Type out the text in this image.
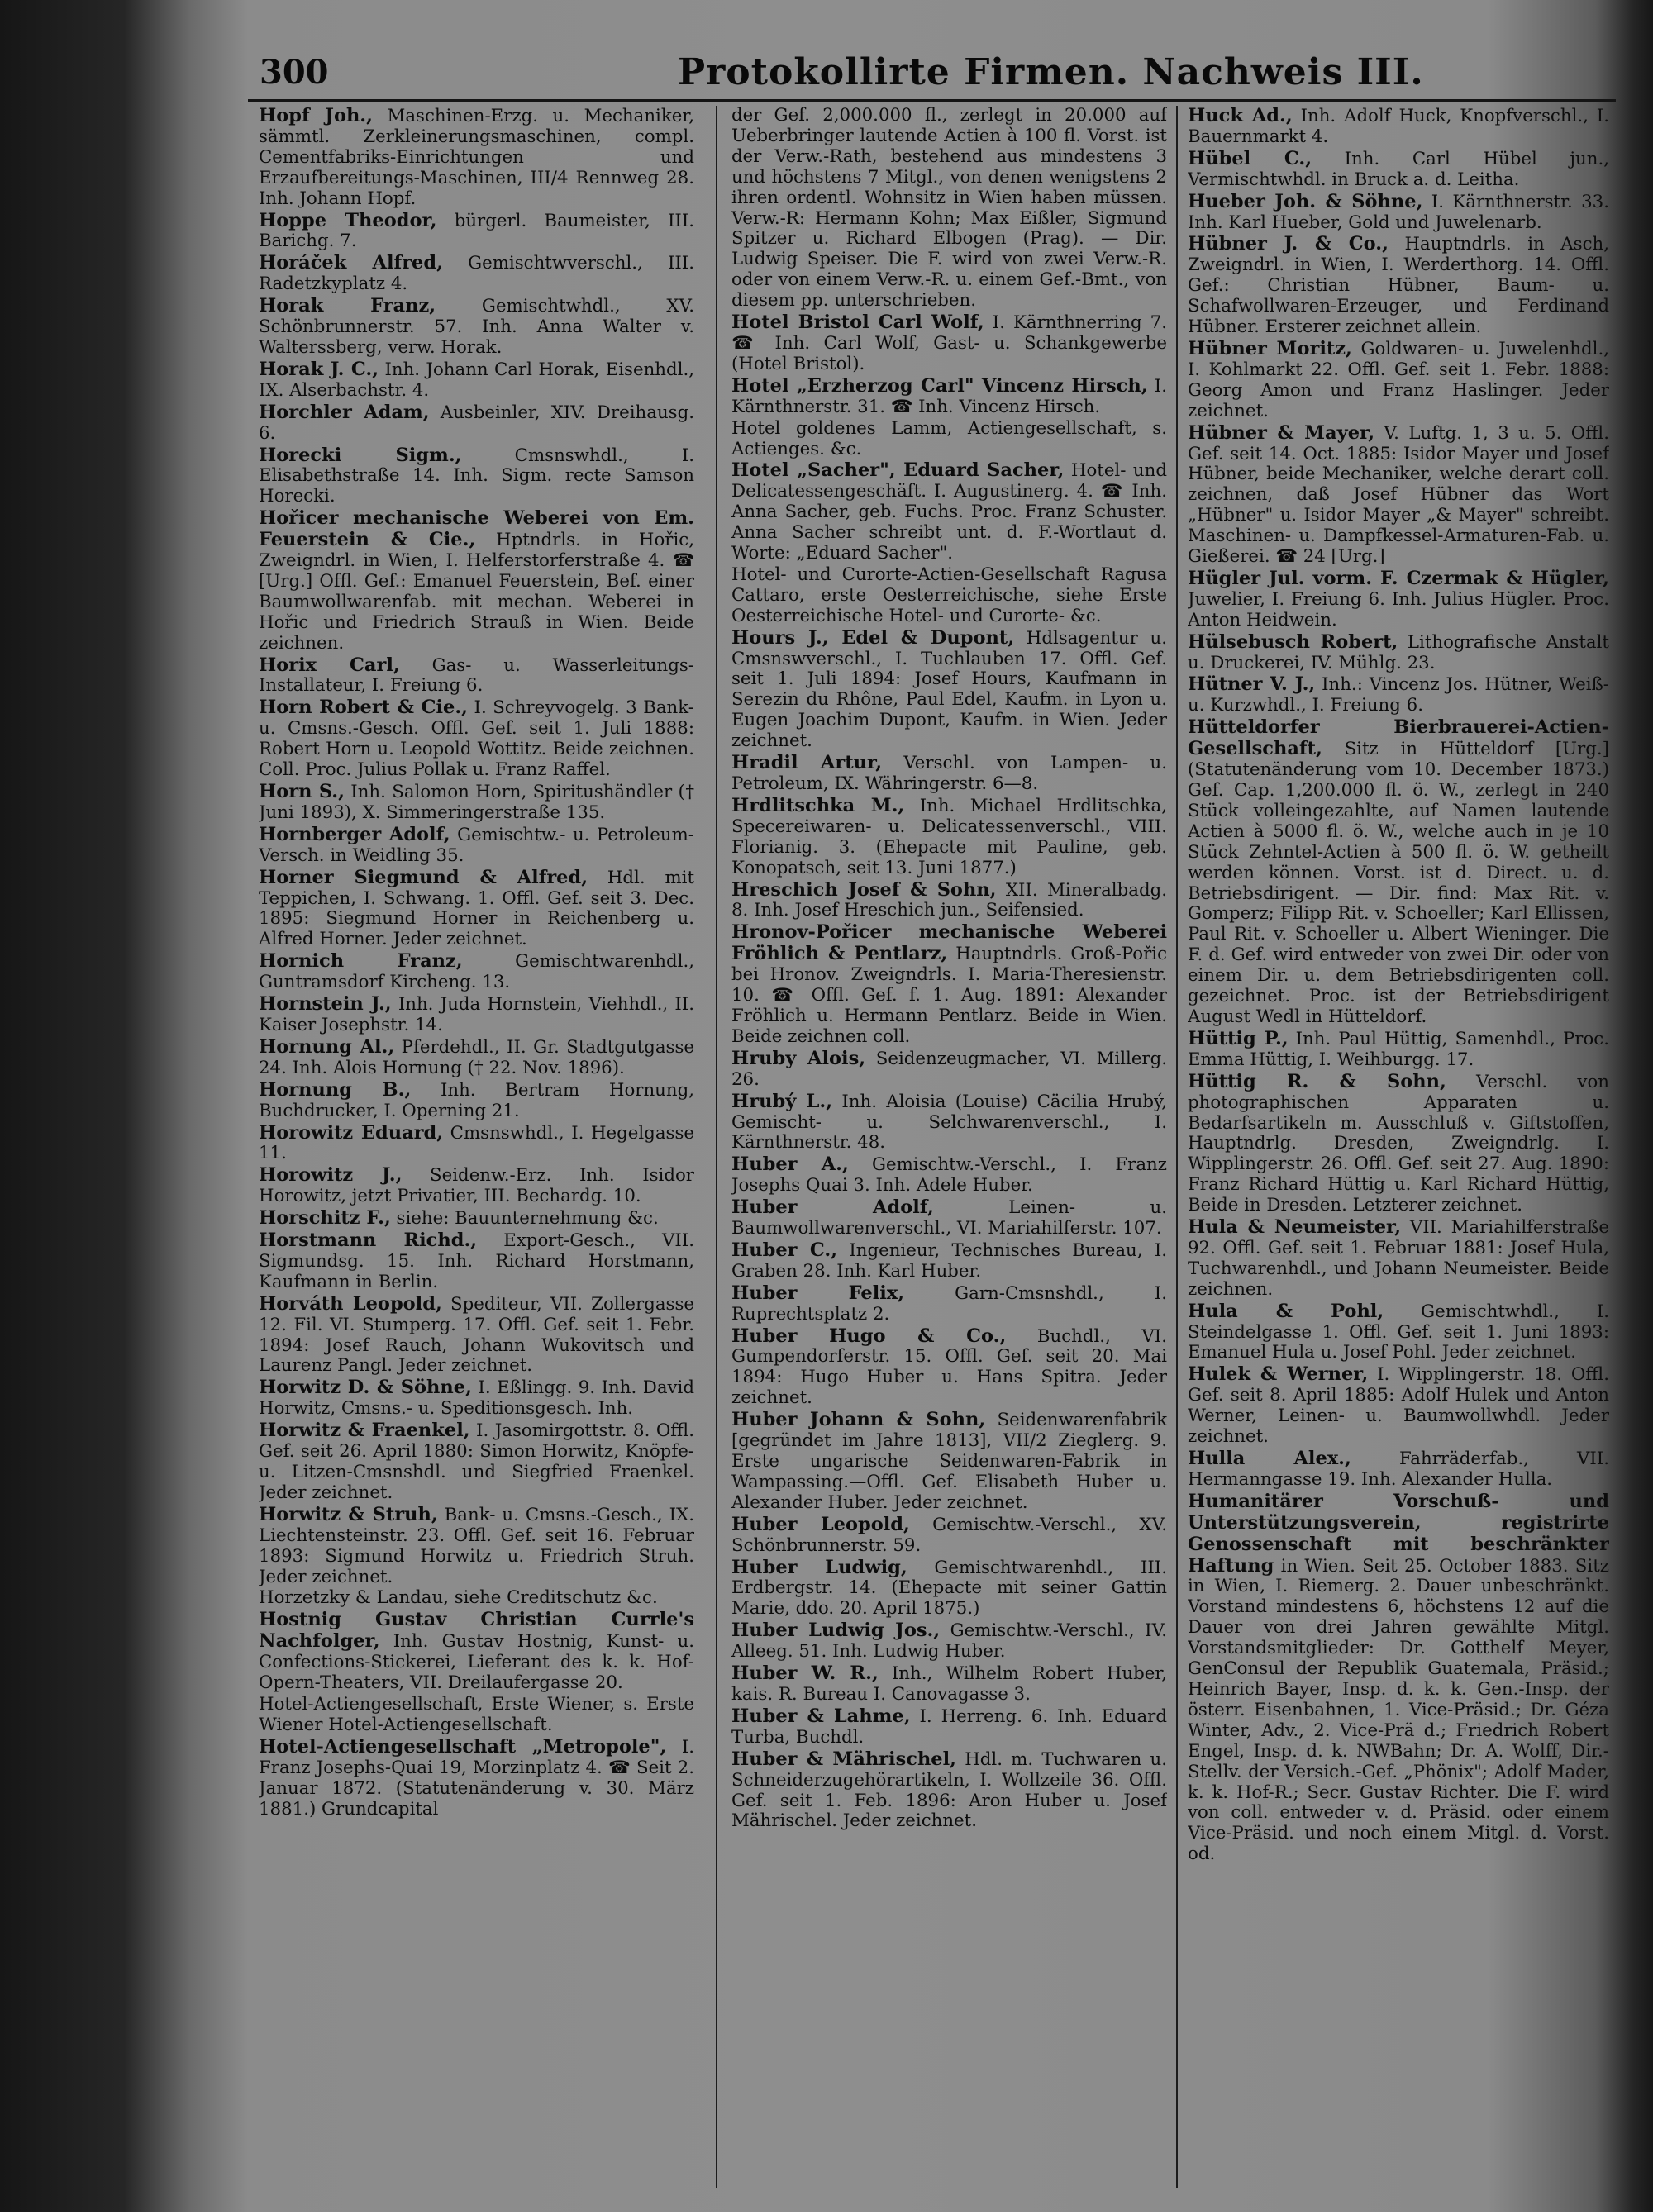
300	Protokollirte Firmen. Nachweis III.

Hopf Joh., Maschinen-Erzg. u. Mechaniker, sämmtl. Zerkleinerungsmaschinen, compl. Cementfabriks-Einrichtungen und Erzaufbereitungs-Maschinen, III/4 Rennweg 28. Inh. Johann Hopf.

Hoppe Theodor, bürgerl. Baumeister, III. Barichg. 7.

Horáček Alfred, Gemischtwverschl., III. Radetzkyplatz 4.

Horak Franz, Gemischtwhdl., XV. Schönbrunnerstr. 57. Inh. Anna Walter v. Walterssberg, verw. Horak.

Horak J. C., Inh. Johann Carl Horak, Eisenhdl., IX. Alserbachstr. 4.

Horchler Adam, Ausbeinler, XIV. Dreihausg. 6.

Horecki Sigm., Cmsnswhdl., I. Elisabethstraße 14. Inh. Sigm. recte Samson Horecki.

Hořicer mechanische Weberei von Em. Feuerstein & Cie., Hptndrls. in Hořic, Zweigndrl. in Wien, I. Helferstorferstraße 4. ☎ [Urg.] Offl. Gef.: Emanuel Feuerstein, Bef. einer Baumwollwarenfab. mit mechan. Weberei in Hořic und Friedrich Strauß in Wien. Beide zeichnen.

Horix Carl, Gas- u. Wasserleitungs-Installateur, I. Freiung 6.

Horn Robert & Cie., I. Schreyvogelg. 3 Bank- u. Cmsns.-Gesch. Offl. Gef. seit 1. Juli 1888: Robert Horn u. Leopold Wottitz. Beide zeichnen. Coll. Proc. Julius Pollak u. Franz Raffel.

Horn S., Inh. Salomon Horn, Spiritushändler († Juni 1893), X. Simmeringerstraße 135.

Hornberger Adolf, Gemischtw.- u. Petroleum-Versch. in Weidling 35.

Horner Siegmund & Alfred, Hdl. mit Teppichen, I. Schwang. 1. Offl. Gef. seit 3. Dec. 1895: Siegmund Horner in Reichenberg u. Alfred Horner. Jeder zeichnet.

Hornich Franz, Gemischtwarenhdl., Guntramsdorf Kircheng. 13.

Hornstein J., Inh. Juda Hornstein, Viehhdl., II. Kaiser Josephstr. 14.

Hornung Al., Pferdehdl., II. Gr. Stadtgutgasse 24. Inh. Alois Hornung († 22. Nov. 1896).

Hornung B., Inh. Bertram Hornung, Buchdrucker, I. Operning 21.

Horowitz Eduard, Cmsnswhdl., I. Hegelgasse 11.

Horowitz J., Seidenw.-Erz. Inh. Isidor Horowitz, jetzt Privatier, III. Bechardg. 10.

Horschitz F., siehe: Bauunternehmung &c.

Horstmann Richd., Export-Gesch., VII. Sigmundsg. 15. Inh. Richard Horstmann, Kaufmann in Berlin.

Horváth Leopold, Spediteur, VII. Zollergasse 12. Fil. VI. Stumperg. 17. Offl. Gef. seit 1. Febr. 1894: Josef Rauch, Johann Wukovitsch und Laurenz Pangl. Jeder zeichnet.

Horwitz D. & Söhne, I. Eßlingg. 9. Inh. David Horwitz, Cmsns.- u. Speditionsgesch. Inh.

Horwitz & Fraenkel, I. Jasomirgottstr. 8. Offl. Gef. seit 26. April 1880: Simon Horwitz, Knöpfe- u. Litzen-Cmsnshdl. und Siegfried Fraenkel. Jeder zeichnet.

Horwitz & Struh, Bank- u. Cmsns.-Gesch., IX. Liechtensteinstr. 23. Offl. Gef. seit 16. Februar 1893: Sigmund Horwitz u. Friedrich Struh. Jeder zeichnet.

Horzetzky & Landau, siehe Creditschutz &c.

Hostnig Gustav Christian Currle's Nachfolger, Inh. Gustav Hostnig, Kunst- u. Confections-Stickerei, Lieferant des k. k. Hof-Opern-Theaters, VII. Dreilaufergasse 20.

Hotel-Actiengesellschaft, Erste Wiener, s. Erste Wiener Hotel-Actiengesellschaft.

Hotel-Actiengesellschaft „Metropole", I. Franz Josephs-Quai 19, Morzinplatz 4. ☎ Seit 2. Januar 1872. (Statutenänderung v. 30. März 1881.) Grundcapital

der Gef. 2,000.000 fl., zerlegt in 20.000 auf Ueberbringer lautende Actien à 100 fl. Vorst. ist der Verw.-Rath, bestehend aus mindestens 3 und höchstens 7 Mitgl., von denen wenigstens 2 ihren ordentl. Wohnsitz in Wien haben müssen. Verw.-R: Hermann Kohn; Max Eißler, Sigmund Spitzer u. Richard Elbogen (Prag). — Dir. Ludwig Speiser. Die F. wird von zwei Verw.-R. oder von einem Verw.-R. u. einem Gef.-Bmt., von diesem pp. unterschrieben.

Hotel Bristol Carl Wolf, I. Kärnthnerring 7. ☎ Inh. Carl Wolf, Gast- u. Schankgewerbe (Hotel Bristol).

Hotel „Erzherzog Carl" Vincenz Hirsch, I. Kärnthnerstr. 31. ☎ Inh. Vincenz Hirsch.

Hotel goldenes Lamm, Actiengesellschaft, s. Actienges. &c.

Hotel „Sacher", Eduard Sacher, Hotel- und Delicatessengeschäft. I. Augustinerg. 4. ☎ Inh. Anna Sacher, geb. Fuchs. Proc. Franz Schuster. Anna Sacher schreibt unt. d. F.-Wortlaut d. Worte: „Eduard Sacher".

Hotel- und Curorte-Actien-Gesellschaft Ragusa Cattaro, erste Oesterreichische, siehe Erste Oesterreichische Hotel- und Curorte- &c.

Hours J., Edel & Dupont, Hdlsagentur u. Cmsnswverschl., I. Tuchlauben 17. Offl. Gef. seit 1. Juli 1894: Josef Hours, Kaufmann in Serezin du Rhône, Paul Edel, Kaufm. in Lyon u. Eugen Joachim Dupont, Kaufm. in Wien. Jeder zeichnet.

Hradil Artur, Verschl. von Lampen- u. Petroleum, IX. Währingerstr. 6—8.

Hrdlitschka M., Inh. Michael Hrdlitschka, Specereiwaren- u. Delicatessenverschl., VIII. Florianig. 3. (Ehepacte mit Pauline, geb. Konopatsch, seit 13. Juni 1877.)

Hreschich Josef & Sohn, XII. Mineralbadg. 8. Inh. Josef Hreschich jun., Seifensied.

Hronov-Pořicer mechanische Weberei Fröhlich & Pentlarz, Hauptndrls. Groß-Pořic bei Hronov. Zweigndrls. I. Maria-Theresienstr. 10. ☎ Offl. Gef. f. 1. Aug. 1891: Alexander Fröhlich u. Hermann Pentlarz. Beide in Wien. Beide zeichnen coll.

Hruby Alois, Seidenzeugmacher, VI. Millerg. 26.

Hrubý L., Inh. Aloisia (Louise) Cäcilia Hrubý, Gemischt- u. Selchwarenverschl., I. Kärnthnerstr. 48.

Huber A., Gemischtw.-Verschl., I. Franz Josephs Quai 3. Inh. Adele Huber.

Huber Adolf, Leinen- u. Baumwollwarenverschl., VI. Mariahilferstr. 107.

Huber C., Ingenieur, Technisches Bureau, I. Graben 28. Inh. Karl Huber.

Huber Felix, Garn-Cmsnshdl., I. Ruprechtsplatz 2.

Huber Hugo & Co., Buchdl., VI. Gumpendorferstr. 15. Offl. Gef. seit 20. Mai 1894: Hugo Huber u. Hans Spitra. Jeder zeichnet.

Huber Johann & Sohn, Seidenwarenfabrik [gegründet im Jahre 1813], VII/2 Zieglerg. 9. Erste ungarische Seidenwaren-Fabrik in Wampassing.—Offl. Gef. Elisabeth Huber u. Alexander Huber. Jeder zeichnet.

Huber Leopold, Gemischtw.-Verschl., XV. Schönbrunnerstr. 59.

Huber Ludwig, Gemischtwarenhdl., III. Erdbergstr. 14. (Ehepacte mit seiner Gattin Marie, ddo. 20. April 1875.)

Huber Ludwig Jos., Gemischtw.-Verschl., IV. Alleeg. 51. Inh. Ludwig Huber.

Huber W. R., Inh., Wilhelm Robert Huber, kais. R. Bureau I. Canovagasse 3.

Huber & Lahme, I. Herreng. 6. Inh. Eduard Turba, Buchdl.

Huber & Mährischel, Hdl. m. Tuchwaren u. Schneiderzugehörartikeln, I. Wollzeile 36. Offl. Gef. seit 1. Feb. 1896: Aron Huber u. Josef Mährischel. Jeder zeichnet.

Huck Ad., Inh. Adolf Huck, Knopfverschl., I. Bauernmarkt 4.

Hübel C., Inh. Carl Hübel jun., Vermischtwhdl. in Bruck a. d. Leitha.

Hueber Joh. & Söhne, I. Kärnthnerstr. 33. Inh. Karl Hueber, Gold und Juwelenarb.

Hübner J. & Co., Hauptndrls. in Asch, Zweigndrl. in Wien, I. Werderthorg. 14. Offl. Gef.: Christian Hübner, Baum- u. Schafwollwaren-Erzeuger, und Ferdinand Hübner. Ersterer zeichnet allein.

Hübner Moritz, Goldwaren- u. Juwelenhdl., I. Kohlmarkt 22. Offl. Gef. seit 1. Febr. 1888: Georg Amon und Franz Haslinger. Jeder zeichnet.

Hübner & Mayer, V. Luftg. 1, 3 u. 5. Offl. Gef. seit 14. Oct. 1885: Isidor Mayer und Josef Hübner, beide Mechaniker, welche derart coll. zeichnen, daß Josef Hübner das Wort „Hübner" u. Isidor Mayer „& Mayer" schreibt. Maschinen- u. Dampfkessel-Armaturen-Fab. u. Gießerei. ☎ 24 [Urg.]

Hügler Jul. vorm. F. Czermak & Hügler, Juwelier, I. Freiung 6. Inh. Julius Hügler. Proc. Anton Heidwein.

Hülsebusch Robert, Lithografische Anstalt u. Druckerei, IV. Mühlg. 23.

Hütner V. J., Inh.: Vincenz Jos. Hütner, Weiß- u. Kurzwhdl., I. Freiung 6.

Hütteldorfer Bierbrauerei-Actien-Gesellschaft, Sitz in Hütteldorf [Urg.] (Statutenänderung vom 10. December 1873.) Gef. Cap. 1,200.000 fl. ö. W., zerlegt in 240 Stück volleingezahlte, auf Namen lautende Actien à 5000 fl. ö. W., welche auch in je 10 Stück Zehntel-Actien à 500 fl. ö. W. getheilt werden können. Vorst. ist d. Direct. u. d. Betriebsdirigent. — Dir. find: Max Rit. v. Gomperz; Filipp Rit. v. Schoeller; Karl Ellissen, Paul Rit. v. Schoeller u. Albert Wieninger. Die F. d. Gef. wird entweder von zwei Dir. oder von einem Dir. u. dem Betriebsdirigenten coll. gezeichnet. Proc. ist der Betriebsdirigent August Wedl in Hütteldorf.

Hüttig P., Inh. Paul Hüttig, Samenhdl., Proc. Emma Hüttig, I. Weihburgg. 17.

Hüttig R. & Sohn, Verschl. von photographischen Apparaten u. Bedarfsartikeln m. Ausschluß v. Giftstoffen, Hauptndrlg. Dresden, Zweigndrlg. I. Wipplingerstr. 26. Offl. Gef. seit 27. Aug. 1890: Franz Richard Hüttig u. Karl Richard Hüttig, Beide in Dresden. Letzterer zeichnet.

Hula & Neumeister, VII. Mariahilferstraße 92. Offl. Gef. seit 1. Februar 1881: Josef Hula, Tuchwarenhdl., und Johann Neumeister. Beide zeichnen.

Hula & Pohl, Gemischtwhdl., I. Steindelgasse 1. Offl. Gef. seit 1. Juni 1893: Emanuel Hula u. Josef Pohl. Jeder zeichnet.

Hulek & Werner, I. Wipplingerstr. 18. Offl. Gef. seit 8. April 1885: Adolf Hulek und Anton Werner, Leinen- u. Baumwollwhdl. Jeder zeichnet.

Hulla Alex., Fahrräderfab., VII. Hermanngasse 19. Inh. Alexander Hulla.

Humanitärer Vorschuß- und Unterstützungsverein, registrirte Genossenschaft mit beschränkter Haftung in Wien. Seit 25. October 1883. Sitz in Wien, I. Riemerg. 2. Dauer unbeschränkt. Vorstand mindestens 6, höchstens 12 auf die Dauer von drei Jahren gewählte Mitgl. Vorstandsmitglieder: Dr. Gotthelf Meyer, GenConsul der Republik Guatemala, Präsid.; Heinrich Bayer, Insp. d. k. k. Gen.-Insp. der österr. Eisenbahnen, 1. Vice-Präsid.; Dr. Géza Winter, Adv., 2. Vice-Prä d.; Friedrich Robert Engel, Insp. d. k. NWBahn; Dr. A. Wolff, Dir.-Stellv. der Versich.-Gef. „Phönix"; Adolf Mader, k. k. Hof-R.; Secr. Gustav Richter. Die F. wird von coll. entweder v. d. Präsid. oder einem Vice-Präsid. und noch einem Mitgl. d. Vorst. od.
